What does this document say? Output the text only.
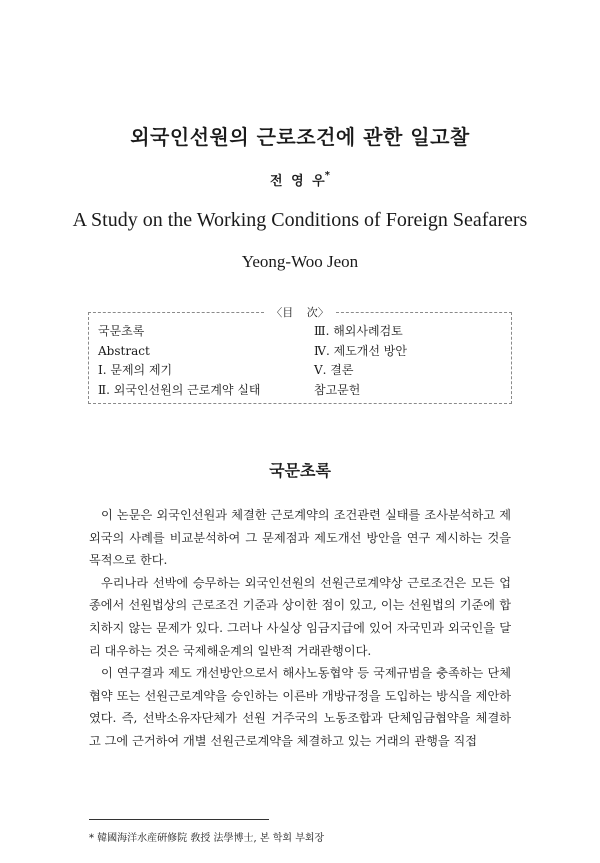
외국인선원의 근로조건에 관한 일고찰
전 영 우*
A Study on the Working Conditions of Foreign Seafarers
Yeong-Woo Jeon
〈目 次〉
국문초록
Abstract
Ⅰ. 문제의 제기
Ⅱ. 외국인선원의 근로계약 실태
Ⅲ. 해외사례검토
Ⅳ. 제도개선 방안
Ⅴ. 결론
참고문헌
국문초록

이 논문은 외국인선원과 체결한 근로계약의 조건관련 실태를 조사분석하고 제외국의 사례를 비교분석하여 그 문제점과 제도개선 방안을 연구 제시하는 것을 목적으로 한다.

우리나라 선박에 승무하는 외국인선원의 선원근로계약상 근로조건은 모든 업종에서 선원법상의 근로조건 기준과 상이한 점이 있고, 이는 선원법의 기준에 합치하지 않는 문제가 있다. 그러나 사실상 임금지급에 있어 자국민과 외국인을 달리 대우하는 것은 국제해운계의 일반적 거래관행이다.

이 연구결과 제도 개선방안으로서 해사노동협약 등 국제규범을 충족하는 단체협약 또는 선원근로계약을 승인하는 이른바 개방규정을 도입하는 방식을 제안하였다. 즉, 선박소유자단체가 선원 거주국의 노동조합과 단체임금협약을 체결하고 그에 근거하여 개별 선원근로계약을 체결하고 있는 거래의 관행을 직접

* 韓國海洋水産硏修院 敎授 法學博士, 본 학회 부회장
